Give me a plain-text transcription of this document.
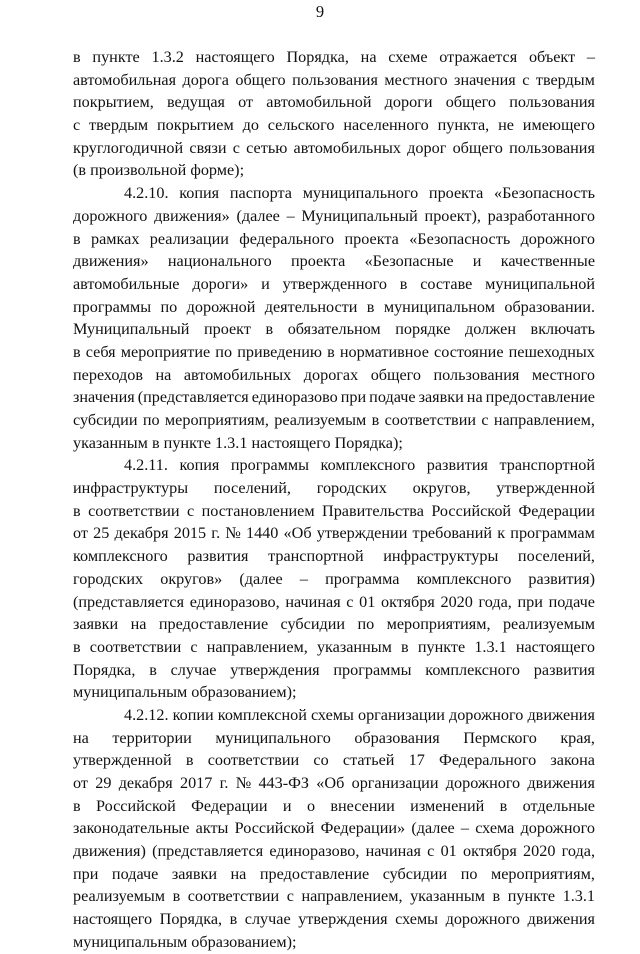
9
в пункте 1.3.2 настоящего Порядка, на схеме отражается объект –
автомобильная дорога общего пользования местного значения с твердым
покрытием, ведущая от автомобильной дороги общего пользования
с твердым покрытием до сельского населенного пункта, не имеющего
круглогодичной связи с сетью автомобильных дорог общего пользования
(в произвольной форме);
4.2.10. копия паспорта муниципального проекта «Безопасность
дорожного движения» (далее – Муниципальный проект), разработанного
в рамках реализации федерального проекта «Безопасность дорожного
движения» национального проекта «Безопасные и качественные
автомобильные дороги» и утвержденного в составе муниципальной
программы по дорожной деятельности в муниципальном образовании.
Муниципальный проект в обязательном порядке должен включать
в себя мероприятие по приведению в нормативное состояние пешеходных
переходов на автомобильных дорогах общего пользования местного
значения (представляется единоразово при подаче заявки на предоставление
субсидии по мероприятиям, реализуемым в соответствии с направлением,
указанным в пункте 1.3.1 настоящего Порядка);
4.2.11. копия программы комплексного развития транспортной
инфраструктуры поселений, городских округов, утвержденной
в соответствии с постановлением Правительства Российской Федерации
от 25 декабря 2015 г. № 1440 «Об утверждении требований к программам
комплексного развития транспортной инфраструктуры поселений,
городских округов» (далее – программа комплексного развития)
(представляется единоразово, начиная с 01 октября 2020 года, при подаче
заявки на предоставление субсидии по мероприятиям, реализуемым
в соответствии с направлением, указанным в пункте 1.3.1 настоящего
Порядка, в случае утверждения программы комплексного развития
муниципальным образованием);
4.2.12. копии комплексной схемы организации дорожного движения
на территории муниципального образования Пермского края,
утвержденной в соответствии со статьей 17 Федерального закона
от 29 декабря 2017 г. № 443-ФЗ «Об организации дорожного движения
в Российской Федерации и о внесении изменений в отдельные
законодательные акты Российской Федерации» (далее – схема дорожного
движения) (представляется единоразово, начиная с 01 октября 2020 года,
при подаче заявки на предоставление субсидии по мероприятиям,
реализуемым в соответствии с направлением, указанным в пункте 1.3.1
настоящего Порядка, в случае утверждения схемы дорожного движения
муниципальным образованием);
